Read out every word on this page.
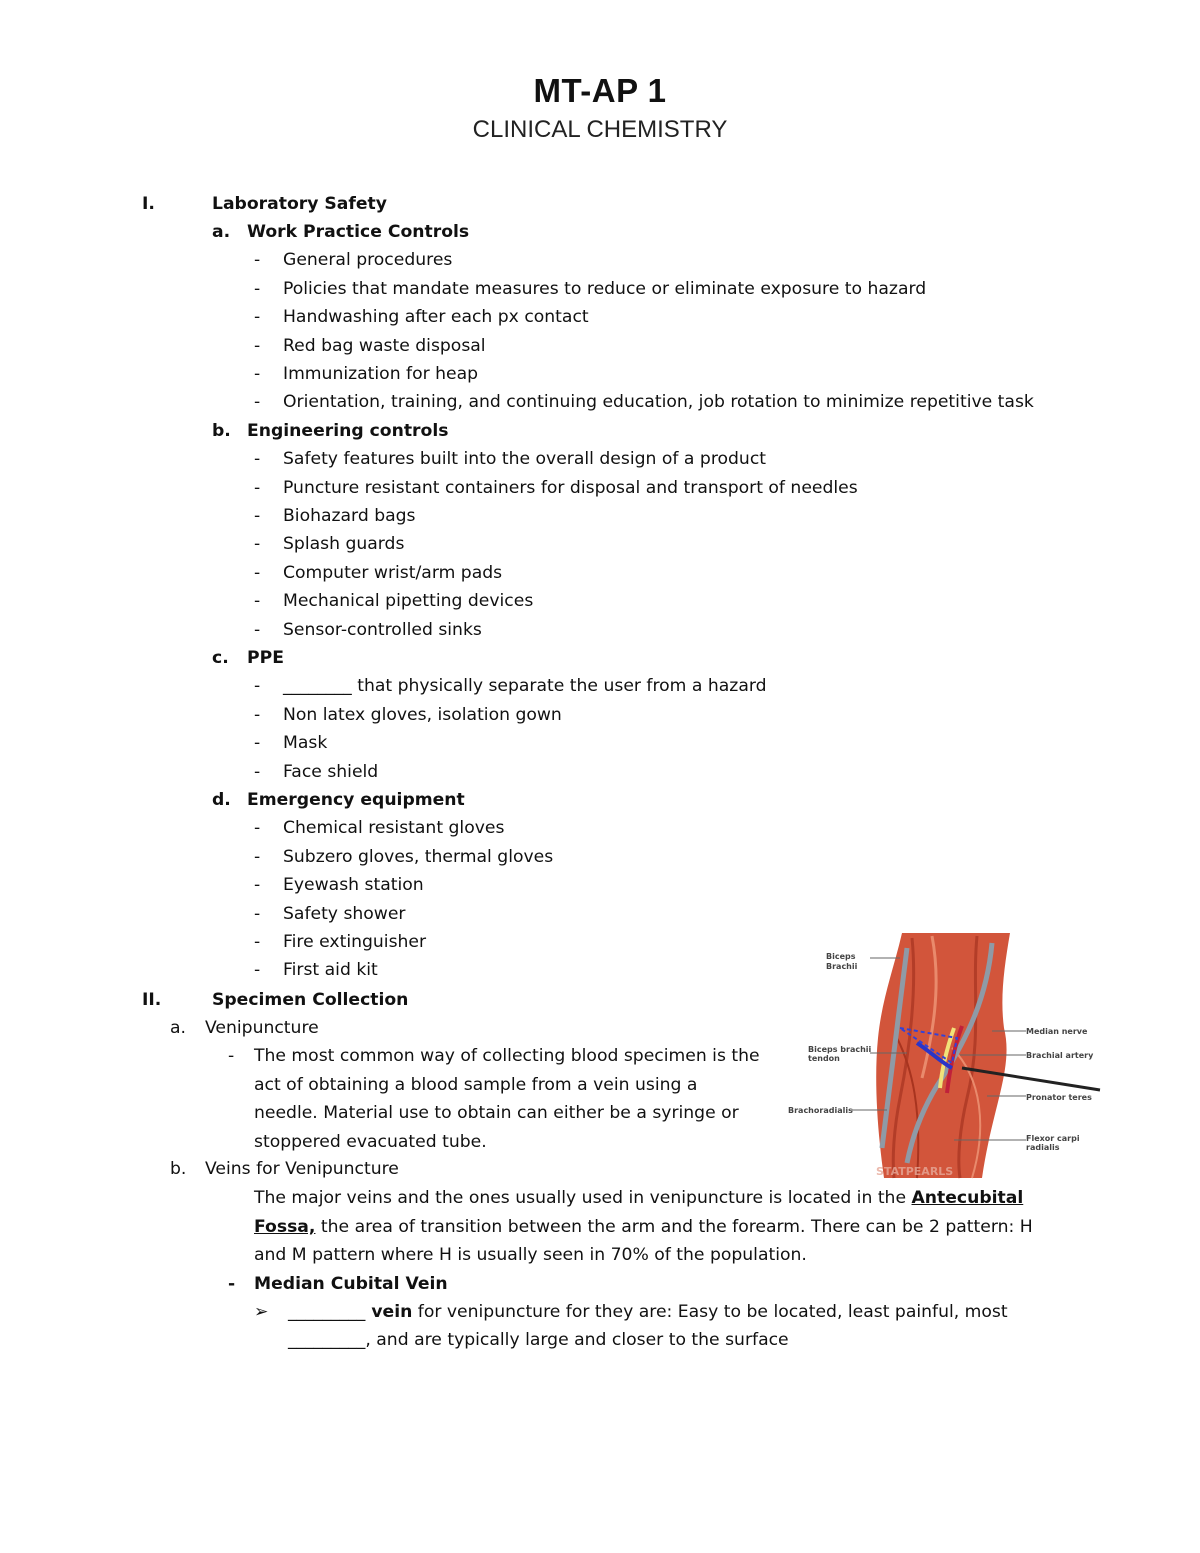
MT-AP 1
CLINICAL CHEMISTRY
I.	Laboratory Safety
a. Work Practice Controls
- General procedures
- Policies that mandate measures to reduce or eliminate exposure to hazard
- Handwashing after each px contact
- Red bag waste disposal
- Immunization for heap
- Orientation, training, and continuing education, job rotation to minimize repetitive task
b. Engineering controls
- Safety features built into the overall design of a product
- Puncture resistant containers for disposal and transport of needles
- Biohazard bags
- Splash guards
- Computer wrist/arm pads
- Mechanical pipetting devices
- Sensor-controlled sinks
c. PPE
- ________ that physically separate the user from a hazard
- Non latex gloves, isolation gown
- Mask
- Face shield
d. Emergency equipment
- Chemical resistant gloves
- Subzero gloves, thermal gloves
- Eyewash station
- Safety shower
- Fire extinguisher
- First aid kit
II.	Specimen Collection
a. Venipuncture
- The most common way of collecting blood specimen is the
act of obtaining a blood sample from a vein using a
needle. Material use to obtain can either be a syringe or
stoppered evacuated tube.
b. Veins for Venipuncture
The major veins and the ones usually used in venipuncture is located in the Antecubital
Fossa, the area of transition between the arm and the forearm. There can be 2 pattern: H
and M pattern where H is usually seen in 70% of the population.
- Median Cubital Vein
➢ _________ vein for venipuncture for they are: Easy to be located, least painful, most
_________, and are typically large and closer to the surface
Biceps
Brachii
Biceps brachii
tendon
Brachoradialis
Median nerve
Brachial artery
Pronator teres
Flexor carpi
radialis
STATPEARLS
